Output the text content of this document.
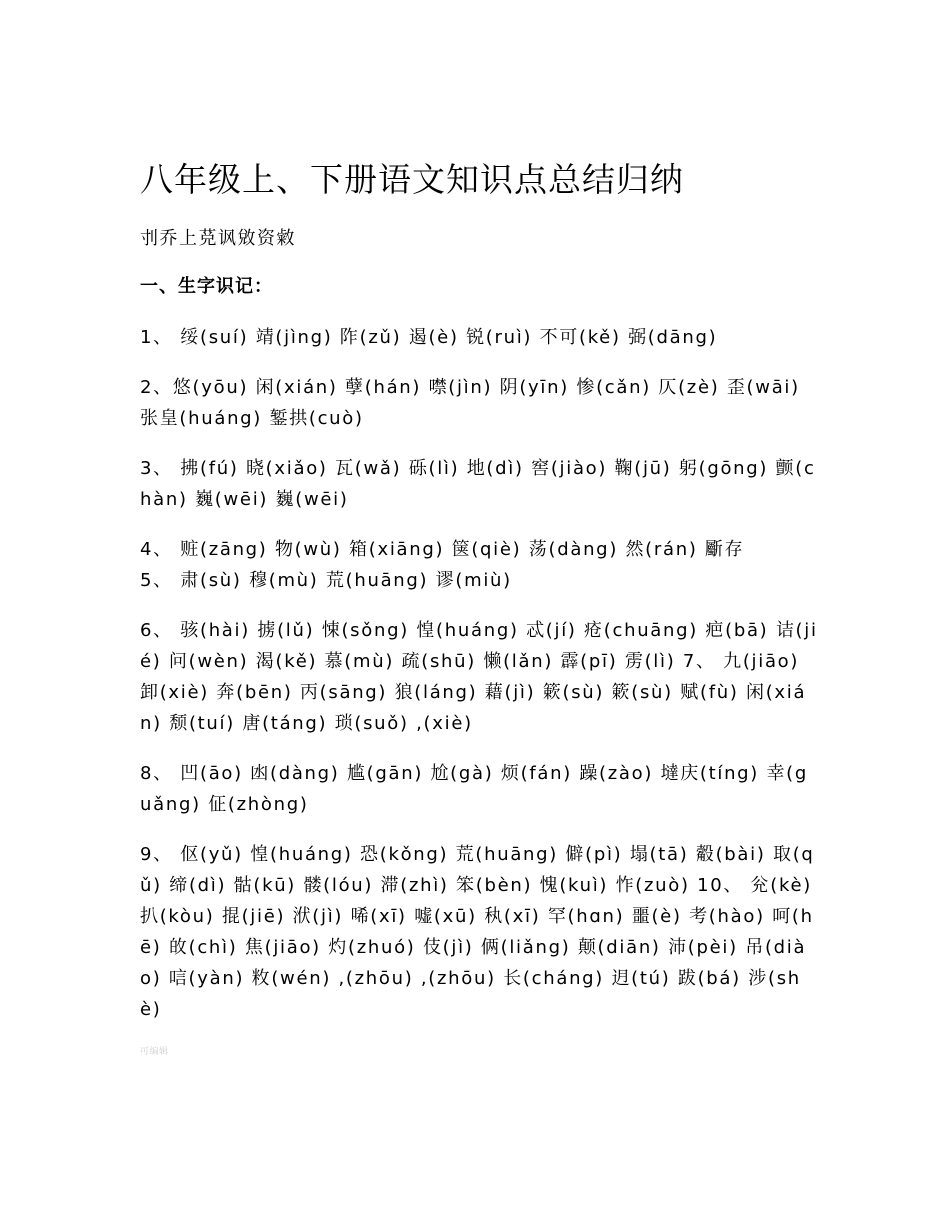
八年级上、下册语文知识点总结归纳
刌乔上莌讽敓资敹
一、生字识记：
1、 绥(suí) 靖(jìng) 阼(zǔ) 遏(è) 锐(ruì) 不可(kě) 弼(dāng)
2、悠(yōu) 闲(xián) 孽(hán) 噤(jìn) 阴(yīn) 惨(cǎn) 仄(zè) 歪(wāi) 张皇(huáng) 錾拱(cuò)
3、 拂(fú) 晓(xiǎo) 瓦(wǎ) 砾(lì) 地(dì) 窖(jiào) 鞠(jū) 躬(gōng) 颤(chàn) 巍(wēi) 巍(wēi)
4、 赃(zāng) 物(wù) 箱(xiāng) 箧(qiè) 荡(dàng) 然(rán) 斸存
5、 肃(sù) 穆(mù) 荒(huāng) 谬(miù)
6、 骇(hài) 掳(lǔ) 悚(sǒng) 惶(huáng) 忒(jí) 疮(chuāng) 疤(bā) 诘(jié) 问(wèn) 渴(kě) 慕(mù) 疏(shū) 懒(lǎn) 霹(pī) 雳(lì) 7、 九(jiāo) 卸(xiè) 奔(bēn) 丙(sāng) 狼(láng) 藉(jì) 簌(sù) 簌(sù) 赋(fù) 闲(xián) 颓(tuí) 唐(táng) 琐(suǒ) ,(xiè)
8、 凹(āo) 凼(dàng) 尴(gān) 尬(gà) 烦(fán) 躁(zào) 墶庆(tíng) 幸(guǎng) 佂(zhòng)
9、 伛(yǔ) 惶(huáng) 恐(kǒng) 荒(huāng) 僻(pì) 塌(tā) 觳(bài) 取(qǔ) 缔(dì) 骷(kū) 髅(lóu) 滞(zhì) 笨(bèn) 愧(kuì) 怍(zuò) 10、 兊(kè) 扒(kòu) 掍(jiē) 洑(jì) 唏(xī) 嘘(xū) 秇(xī) 罕(hɑn) 噩(è) 考(hào) 呵(hē) 敀(chì) 焦(jiāo) 灼(zhuó) 伎(jì) 俩(liǎng) 颠(diān) 沛(pèi) 吊(diào) 唁(yàn) 敉(wén) ,(zhōu) ,(zhōu) 长(cháng) 迌(tú) 跋(bá) 涉(shè)
可编辑
